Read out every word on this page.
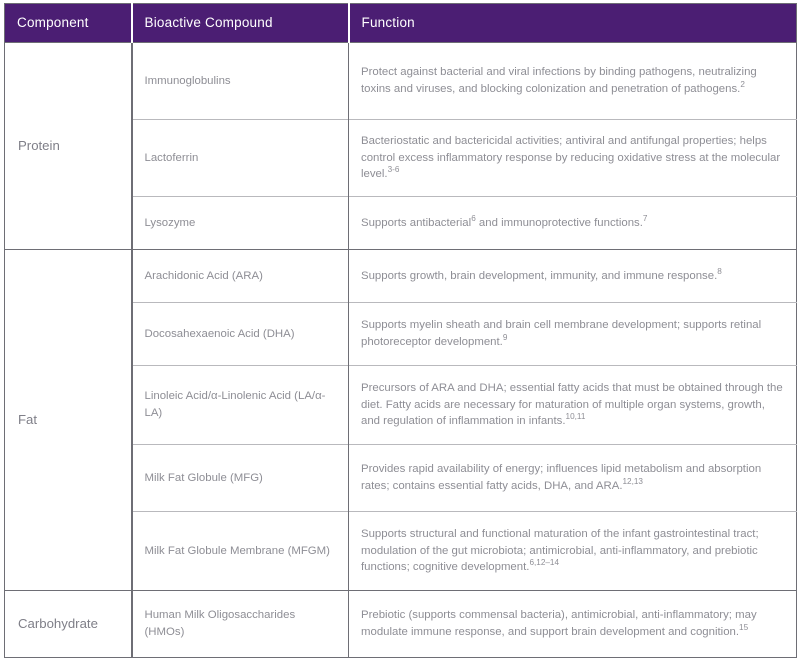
Component	Bioactive Compound	Function
Protein	Immunoglobulins	Protect against bacterial and viral infections by binding pathogens, neutralizing toxins and viruses, and blocking colonization and penetration of pathogens.$^2$
	Lactoferrin	Bacteriostatic and bactericidal activities; antiviral and antifungal properties; helps control excess inflammatory response by reducing oxidative stress at the molecular level.$^{3-6}$
	Lysozyme	Supports antibacterial$^6$ and immunoprotective functions.$^7$
Fat	Arachidonic Acid (ARA)	Supports growth, brain development, immunity, and immune response.$^8$
	Docosahexaenoic Acid (DHA)	Supports myelin sheath and brain cell membrane development; supports retinal photoreceptor development.$^9$
	Linoleic Acid/α-Linolenic Acid (LA/α-LA)	Precursors of ARA and DHA; essential fatty acids that must be obtained through the diet. Fatty acids are necessary for maturation of multiple organ systems, growth, and regulation of inflammation in infants.$^{10,11}$
	Milk Fat Globule (MFG)	Provides rapid availability of energy; influences lipid metabolism and absorption rates; contains essential fatty acids, DHA, and ARA.$^{12,13}$
	Milk Fat Globule Membrane (MFGM)	Supports structural and functional maturation of the infant gastrointestinal tract; modulation of the gut microbiota; antimicrobial, anti-inflammatory, and prebiotic functions; cognitive development.$^{6,12-14}$
Carbohydrate	Human Milk Oligosaccharides (HMOs)	Prebiotic (supports commensal bacteria), antimicrobial, anti-inflammatory; may modulate immune response, and support brain development and cognition.$^{15}$
